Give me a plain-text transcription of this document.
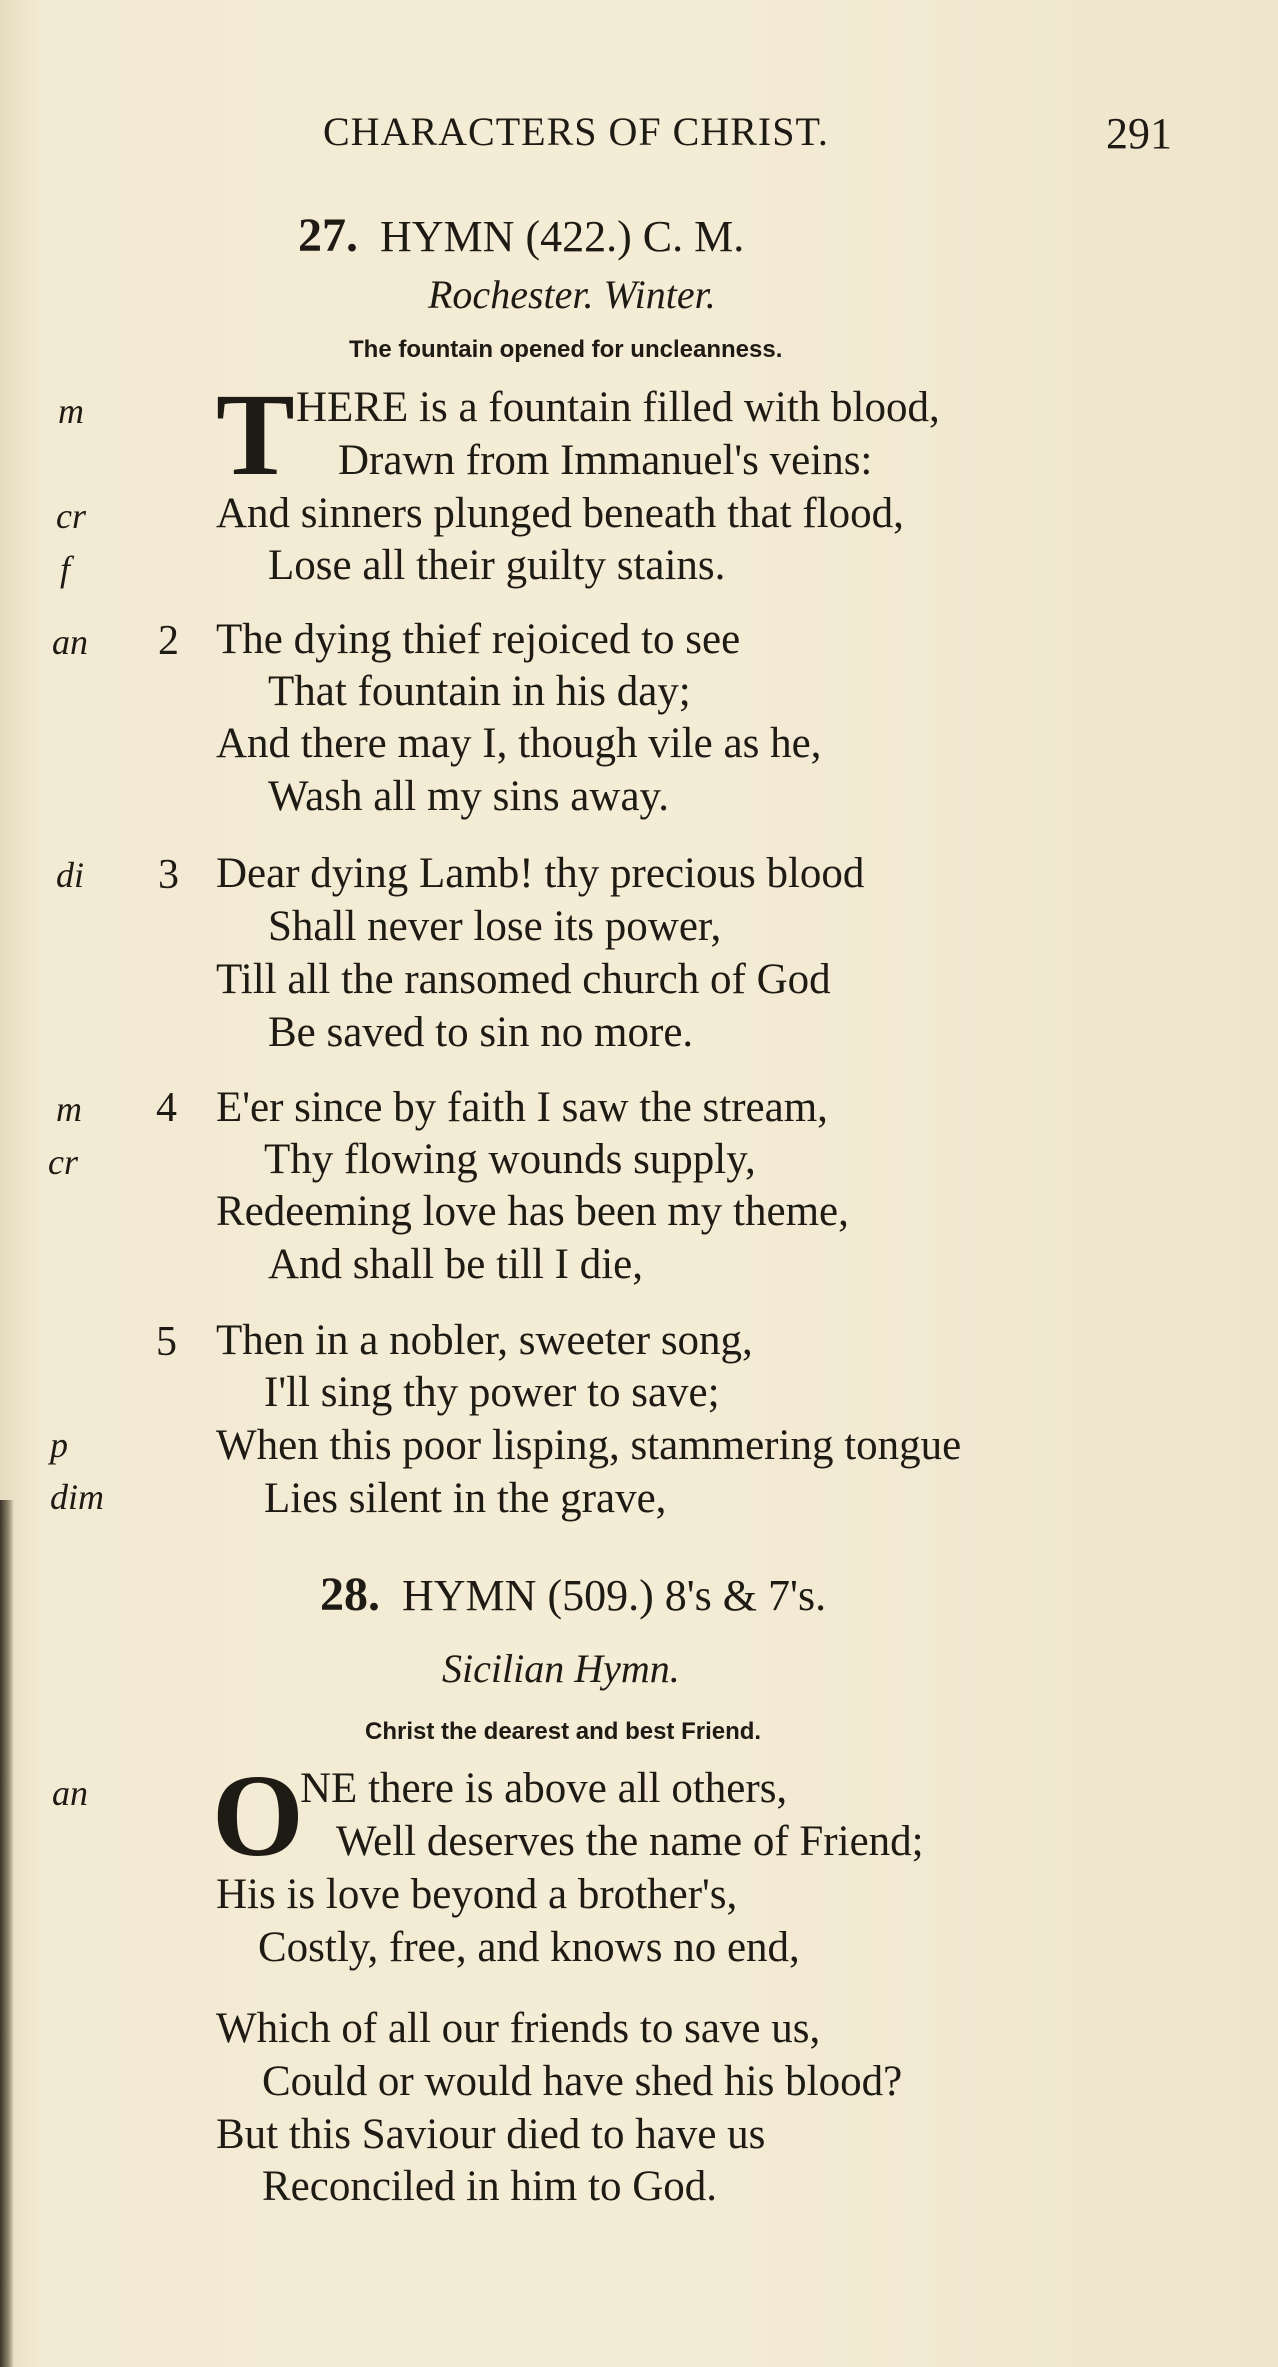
CHARACTERS OF CHRIST.	291
27. HYMN (422.) C. M.
Rochester. Winter.
The fountain opened for uncleanness.
T
m
cr
f
an
di
m
cr
p
dim
2
3
4
5
HERE is a fountain filled with blood,
Drawn from Immanuel's veins:
And sinners plunged beneath that flood,
Lose all their guilty stains.
The dying thief rejoiced to see
That fountain in his day;
And there may I, though vile as he,
Wash all my sins away.
Dear dying Lamb! thy precious blood
Shall never lose its power,
Till all the ransomed church of God
Be saved to sin no more.
E'er since by faith I saw the stream,
Thy flowing wounds supply,
Redeeming love has been my theme,
And shall be till I die,
Then in a nobler, sweeter song,
I'll sing thy power to save;
When this poor lisping, stammering tongue
Lies silent in the grave,
28. HYMN (509.) 8's & 7's.
Sicilian Hymn.
Christ the dearest and best Friend.
an O
NE there is above all others,
Well deserves the name of Friend;
His is love beyond a brother's,
Costly, free, and knows no end,
Which of all our friends to save us,
Could or would have shed his blood?
But this Saviour died to have us
Reconciled in him to God.
